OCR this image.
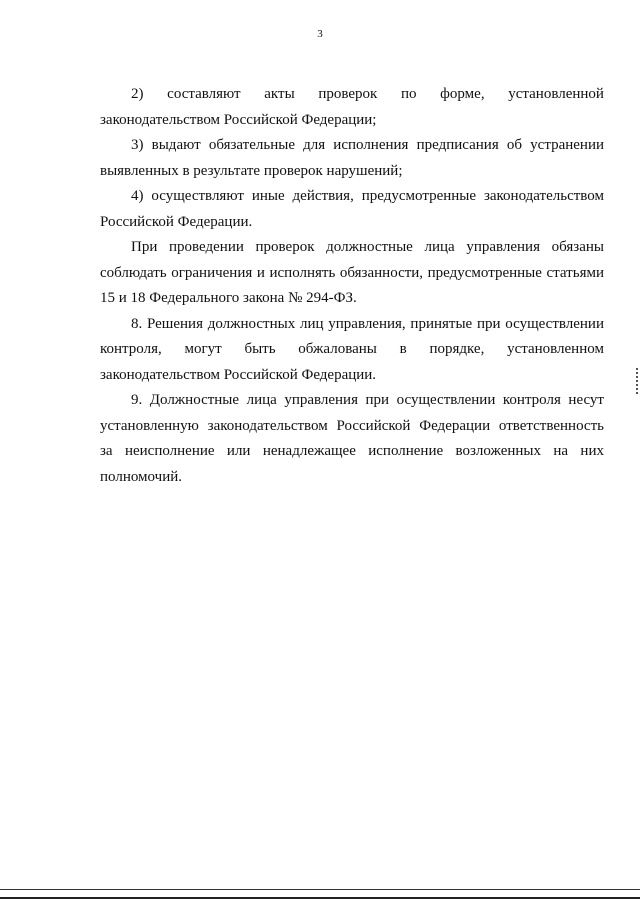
3
2) составляют акты проверок по форме, установленной
законодательством Российской Федерации;
3) выдают обязательные для исполнения предписания об устранении
выявленных в результате проверок нарушений;
4) осуществляют иные действия, предусмотренные законодательством
Российской Федерации.
При проведении проверок должностные лица управления обязаны
соблюдать ограничения и исполнять обязанности, предусмотренные статьями
15 и 18 Федерального закона № 294-ФЗ.
8. Решения должностных лиц управления, принятые при осуществлении
контроля, могут быть обжалованы в порядке, установленном
законодательством Российской Федерации.
9. Должностные лица управления при осуществлении контроля несут
установленную законодательством Российской Федерации ответственность
за неисполнение или ненадлежащее исполнение возложенных на них
полномочий.
